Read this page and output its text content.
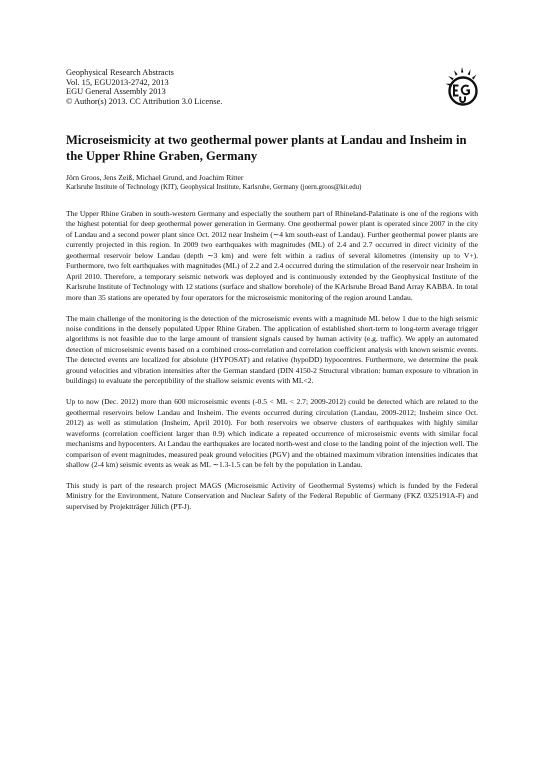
Geophysical Research Abstracts
Vol. 15, EGU2013-2742, 2013
EGU General Assembly 2013
© Author(s) 2013. CC Attribution 3.0 License.
Microseismicity at two geothermal power plants at Landau and Insheim in the Upper Rhine Graben, Germany
Jörn Groos, Jens Zeiß, Michael Grund, and Joachim Ritter
Karlsruhe Institute of Technology (KIT), Geophysical Institute, Karlsruhe, Germany (joern.groos@kit.edu)

The Upper Rhine Graben in south-western Germany and especially the southern part of Rhineland-Palatinate is one of the regions with the highest potential for deep geothermal power generation in Germany. One geothermal power plant is operated since 2007 in the city of Landau and a second power plant since Oct. 2012 near Insheim (∼4 km south-east of Landau). Further geothermal power plants are currently projected in this region. In 2009 two earthquakes with magnitudes (ML) of 2.4 and 2.7 occurred in direct vicinity of the geothermal reservoir below Landau (depth ∼3 km) and were felt within a radius of several kilometres (intensity up to V+). Furthermore, two felt earthquakes with magnitudes (ML) of 2.2 and 2.4 occurred during the stimulation of the reservoir near Insheim in April 2010. Therefore, a temporary seismic network was deployed and is continuously extended by the Geophysical Institute of the Karlsruhe Institute of Technology with 12 stations (surface and shallow borehole) of the KArlsruhe Broad Band Array KABBA. In total more than 35 stations are operated by four operators for the microseismic monitoring of the region around Landau.

The main challenge of the monitoring is the detection of the microseismic events with a magnitude ML below 1 due to the high seismic noise conditions in the densely populated Upper Rhine Graben. The application of established short-term to long-term average trigger algorithms is not feasible due to the large amount of transient signals caused by human activity (e.g. traffic). We apply an automated detection of microseismic events based on a combined cross-correlation and correlation coefficient analysis with known seismic events. The detected events are localized for absolute (HYPOSAT) and relative (hypoDD) hypocentres. Furthermore, we determine the peak ground velocities and vibration intensities after the German standard (DIN 4150-2 Structural vibration: human exposure to vibration in buildings) to evaluate the perceptibility of the shallow seismic events with ML<2.

Up to now (Dec. 2012) more than 600 microseismic events (-0.5 < ML < 2.7; 2009-2012) could be detected which are related to the geothermal reservoirs below Landau and Insheim. The events occurred during circulation (Landau, 2009-2012; Insheim since Oct. 2012) as well as stimulation (Insheim, April 2010). For both reservoirs we observe clusters of earthquakes with highly similar waveforms (correlation coefficient larger than 0.9) which indicate a repeated occurrence of microseismic events with similar focal mechanisms and hypocenters. At Landau the earthquakes are located north-west and close to the landing point of the injection well. The comparison of event magnitudes, measured peak ground velocities (PGV) and the obtained maximum vibration intensities indicates that shallow (2-4 km) seismic events as weak as ML ∼1.3-1.5 can be felt by the population in Landau.

This study is part of the research project MAGS (Microseismic Activity of Geothermal Systems) which is funded by the Federal Ministry for the Environment, Nature Conservation and Nuclear Safety of the Federal Republic of Germany (FKZ 0325191A-F) and supervised by Projektträger Jülich (PT-J).
